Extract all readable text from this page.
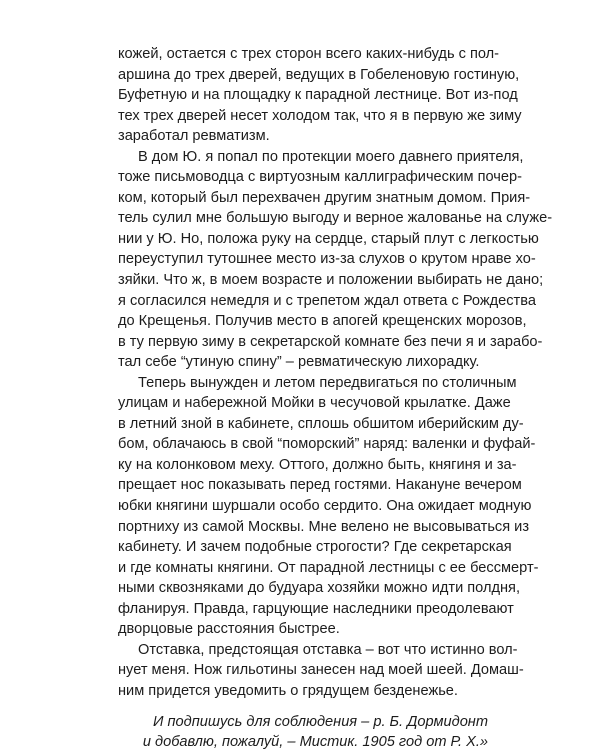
кожей, остается с трех сторон всего каких-нибудь с пол-
аршина до трех дверей, ведущих в Гобеленовую гостиную,
Буфетную и на площадку к парадной лестнице. Вот из-под
тех трех дверей несет холодом так, что я в первую же зиму
заработал ревматизм.
В дом Ю. я попал по протекции моего давнего приятеля,
тоже письмоводца с виртуозным каллиграфическим почер-
ком, который был перехвачен другим знатным домом. Прия-
тель сулил мне большую выгоду и верное жалованье на служе-
нии у Ю. Но, положа руку на сердце, старый плут с легкостью
переуступил тутошнее место из-за слухов о крутом нраве хо-
зяйки. Что ж, в моем возрасте и положении выбирать не дано;
я согласился немедля и с трепетом ждал ответа с Рождества
до Крещенья. Получив место в апогей крещенских морозов,
в ту первую зиму в секретарской комнате без печи я и зарабо-
тал себе “утиную спину” – ревматическую лихорадку.
Теперь вынужден и летом передвигаться по столичным
улицам и набережной Мойки в чесучовой крылатке. Даже
в летний зной в кабинете, сплошь обшитом иберийским ду-
бом, облачаюсь в свой “поморский” наряд: валенки и фуфай-
ку на колонковом меху. Оттого, должно быть, княгиня и за-
прещает нос показывать перед гостями. Накануне вечером
юбки княгини шуршали особо сердито. Она ожидает модную
портниху из самой Москвы. Мне велено не высовываться из
кабинету. И зачем подобные строгости? Где секретарская
и где комнаты княгини. От парадной лестницы с ее бессмерт-
ными сквозняками до будуара хозяйки можно идти полдня,
фланируя. Правда, гарцующие наследники преодолевают
дворцовые расстояния быстрее.
Отставка, предстоящая отставка – вот что истинно вол-
нует меня. Нож гильотины занесен над моей шеей. Домаш-
ним придется уведомить о грядущем безденежье.
И подпишусь для соблюдения – р. Б. Дормидонт
и добавлю, пожалуй, – Мистик. 1905 год от Р. Х.»
